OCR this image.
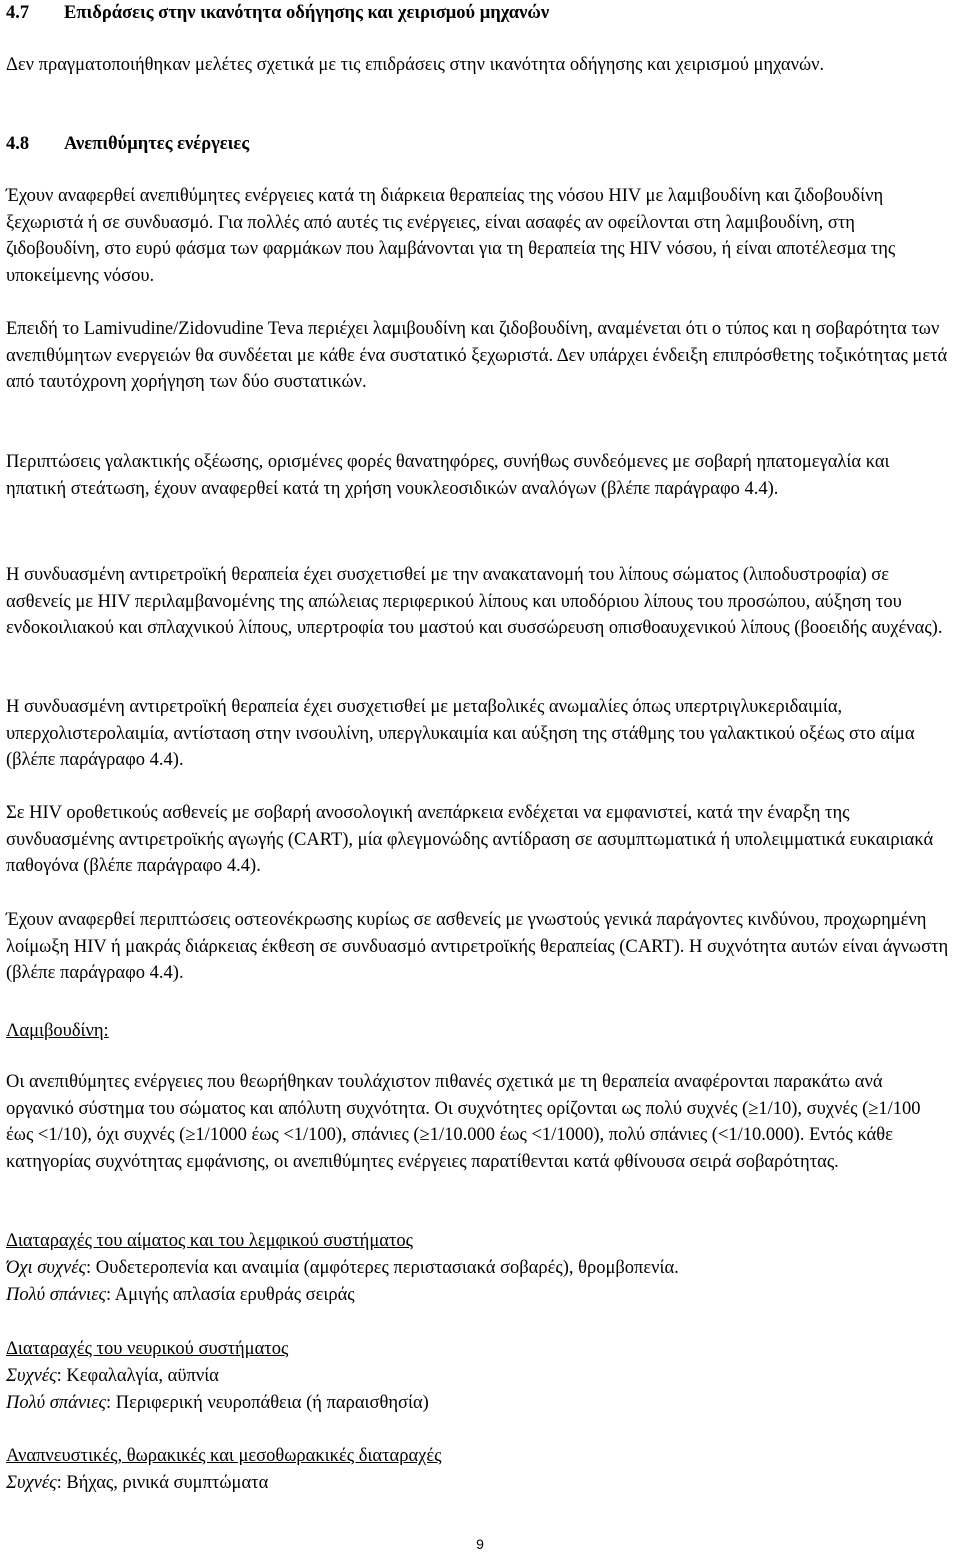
4.7 Επιδράσεις στην ικανότητα οδήγησης και χειρισμού μηχανών

Δεν πραγματοποιήθηκαν μελέτες σχετικά με τις επιδράσεις στην ικανότητα οδήγησης και χειρισμού μηχανών.

4.8 Ανεπιθύμητες ενέργειες

Έχουν αναφερθεί ανεπιθύμητες ενέργειες κατά τη διάρκεια θεραπείας της νόσου HIV με λαμιβουδίνη και ζιδοβουδίνη ξεχωριστά ή σε συνδυασμό. Για πολλές από αυτές τις ενέργειες, είναι ασαφές αν οφείλονται στη λαμιβουδίνη, στη ζιδοβουδίνη, στο ευρύ φάσμα των φαρμάκων που λαμβάνονται για τη θεραπεία της HIV νόσου, ή είναι αποτέλεσμα της υποκείμενης νόσου.

Επειδή το Lamivudine/Zidovudine Teva περιέχει λαμιβουδίνη και ζιδοβουδίνη, αναμένεται ότι ο τύπος και η σοβαρότητα των ανεπιθύμητων ενεργειών θα συνδέεται με κάθε ένα συστατικό ξεχωριστά. Δεν υπάρχει ένδειξη επιπρόσθετης τοξικότητας μετά από ταυτόχρονη χορήγηση των δύο συστατικών.

Περιπτώσεις γαλακτικής οξέωσης, ορισμένες φορές θανατηφόρες, συνήθως συνδεόμενες με σοβαρή ηπατομεγαλία και ηπατική στεάτωση, έχουν αναφερθεί κατά τη χρήση νουκλεοσιδικών αναλόγων (βλέπε παράγραφο 4.4).

Η συνδυασμένη αντιρετροϊκή θεραπεία έχει συσχετισθεί με την ανακατανομή του λίπους σώματος (λιποδυστροφία) σε ασθενείς με HIV περιλαμβανομένης της απώλειας περιφερικού λίπους και υποδόριου λίπους του προσώπου, αύξηση του ενδοκοιλιακού και σπλαχνικού λίπους, υπερτροφία του μαστού και συσσώρευση οπισθοαυχενικού λίπους (βοοειδής αυχένας).

Η συνδυασμένη αντιρετροϊκή θεραπεία έχει συσχετισθεί με μεταβολικές ανωμαλίες όπως υπερτριγλυκεριδαιμία, υπερχολιστερολαιμία, αντίσταση στην ινσουλίνη, υπεργλυκαιμία και αύξηση της στάθμης του γαλακτικού οξέως στο αίμα (βλέπε παράγραφο 4.4).

Σε HIV οροθετικούς ασθενείς με σοβαρή ανοσολογική ανεπάρκεια ενδέχεται να εμφανιστεί, κατά την έναρξη της συνδυασμένης αντιρετροϊκής αγωγής (CART), μία φλεγμονώδης αντίδραση σε ασυμπτωματικά ή υπολειμματικά ευκαιριακά παθογόνα (βλέπε παράγραφο 4.4).

Έχουν αναφερθεί περιπτώσεις οστεονέκρωσης κυρίως σε ασθενείς με γνωστούς γενικά παράγοντες κινδύνου, προχωρημένη λοίμωξη HIV ή μακράς διάρκειας έκθεση σε συνδυασμό αντιρετροϊκής θεραπείας (CART). Η συχνότητα αυτών είναι άγνωστη (βλέπε παράγραφο 4.4).

Λαμιβουδίνη:

Οι ανεπιθύμητες ενέργειες που θεωρήθηκαν τουλάχιστον πιθανές σχετικά με τη θεραπεία αναφέρονται παρακάτω ανά οργανικό σύστημα του σώματος και απόλυτη συχνότητα. Οι συχνότητες ορίζονται ως πολύ συχνές (≥1/10), συχνές (≥1/100 έως <1/10), όχι συχνές (≥1/1000 έως <1/100), σπάνιες (≥1/10.000 έως <1/1000), πολύ σπάνιες (<1/10.000). Εντός κάθε κατηγορίας συχνότητας εμφάνισης, οι ανεπιθύμητες ενέργειες παρατίθενται κατά φθίνουσα σειρά σοβαρότητας.

Διαταραχές του αίματος και του λεμφικού συστήματος

Όχι συχνές: Ουδετεροπενία και αναιμία (αμφότερες περιστασιακά σοβαρές), θρομβοπενία.

Πολύ σπάνιες: Αμιγής απλασία ερυθράς σειράς

Διαταραχές του νευρικού συστήματος

Συχνές: Κεφαλαλγία, αϋπνία

Πολύ σπάνιες: Περιφερική νευροπάθεια (ή παραισθησία)

Αναπνευστικές, θωρακικές και μεσοθωρακικές διαταραχές

Συχνές: Βήχας, ρινικά συμπτώματα

9
